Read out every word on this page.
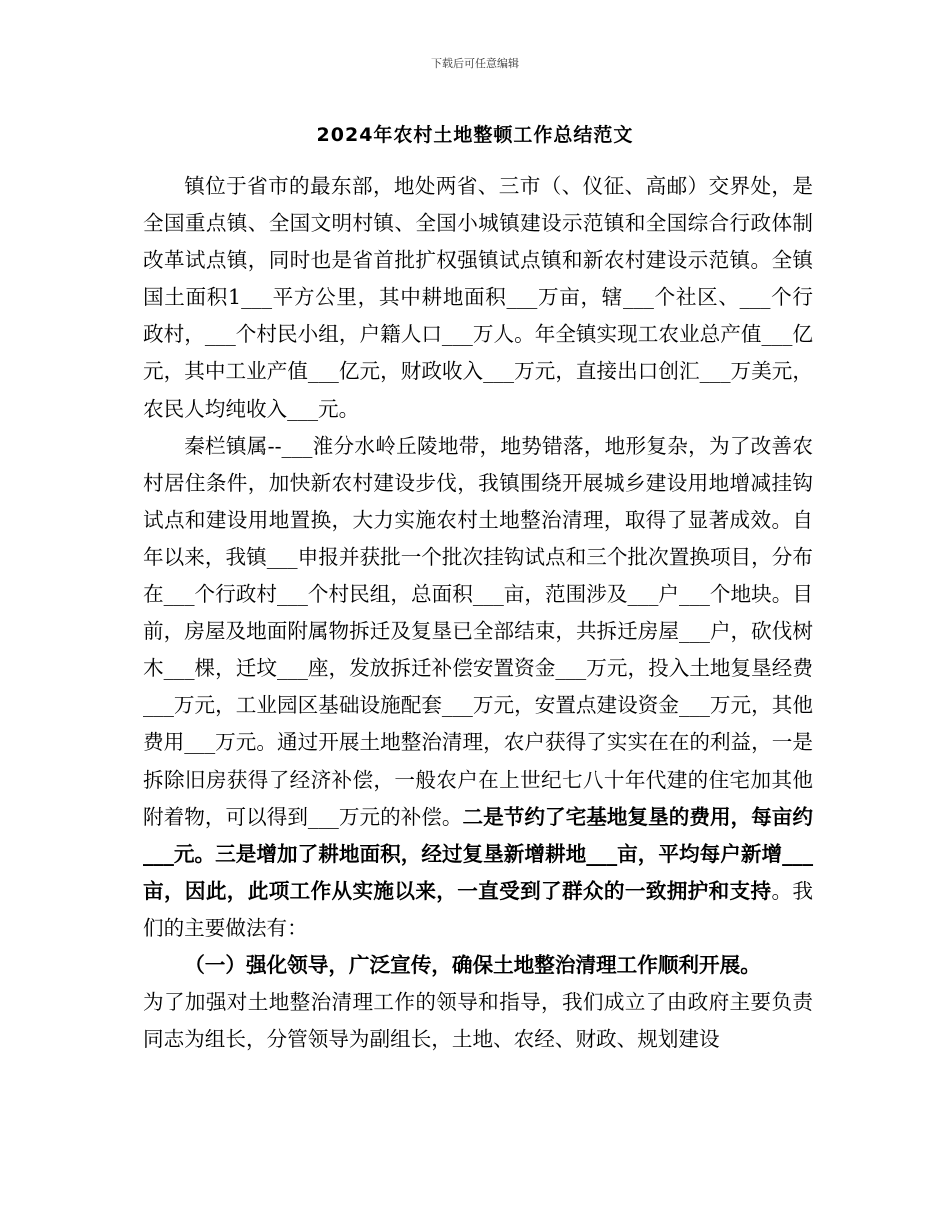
下载后可任意编辑
2024年农村土地整顿工作总结范文

镇位于省市的最东部，地处两省、三市（、仪征、高邮）交界处，是全国重点镇、全国文明村镇、全国小城镇建设示范镇和全国综合行政体制改革试点镇，同时也是省首批扩权强镇试点镇和新农村建设示范镇。全镇国土面积1___平方公里，其中耕地面积___万亩，辖___个社区、___个行政村，___个村民小组，户籍人口___万人。年全镇实现工农业总产值___亿元，其中工业产值___亿元，财政收入___万元，直接出口创汇___万美元，农民人均纯收入___元。

秦栏镇属--___淮分水岭丘陵地带，地势错落，地形复杂，为了改善农村居住条件，加快新农村建设步伐，我镇围绕开展城乡建设用地增减挂钩试点和建设用地置换，大力实施农村土地整治清理，取得了显著成效。自年以来，我镇___申报并获批一个批次挂钩试点和三个批次置换项目，分布在___个行政村___个村民组，总面积___亩，范围涉及___户___个地块。目前，房屋及地面附属物拆迁及复垦已全部结束，共拆迁房屋___户，砍伐树木___棵，迁坟___座，发放拆迁补偿安置资金___万元，投入土地复垦经费___万元，工业园区基础设施配套___万元，安置点建设资金___万元，其他费用___万元。通过开展土地整治清理，农户获得了实实在在的利益，一是拆除旧房获得了经济补偿，一般农户在上世纪七八十年代建的住宅加其他附着物，可以得到___万元的补偿。二是节约了宅基地复垦的费用，每亩约___元。三是增加了耕地面积，经过复垦新增耕地___亩，平均每户新增___亩，因此，此项工作从实施以来，一直受到了群众的一致拥护和支持。我们的主要做法有：

（一）强化领导，广泛宣传，确保土地整治清理工作顺利开展。

为了加强对土地整治清理工作的领导和指导，我们成立了由政府主要负责同志为组长，分管领导为副组长，土地、农经、财政、规划建设
